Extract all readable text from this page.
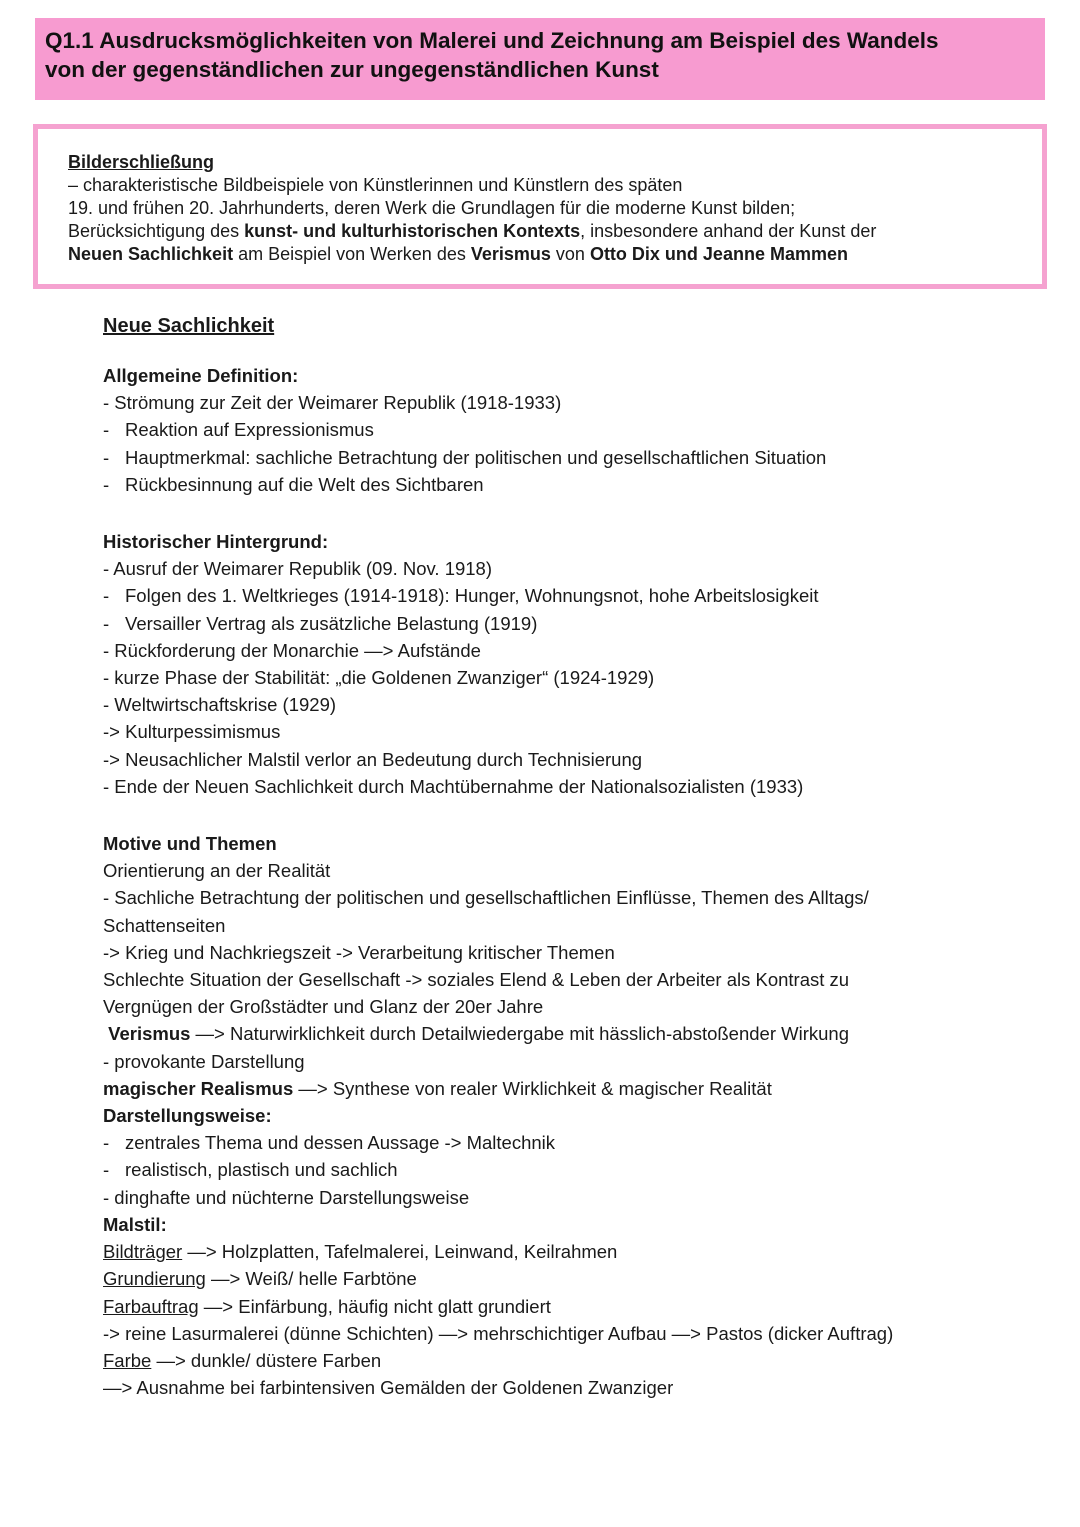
Q1.1 Ausdrucksmöglichkeiten von Malerei und Zeichnung am Beispiel des Wandels
von der gegenständlichen zur ungegenständlichen Kunst

Bilderschließung

– charakteristische Bildbeispiele von Künstlerinnen und Künstlern des späten

19. und frühen 20. Jahrhunderts, deren Werk die Grundlagen für die moderne Kunst bilden;

Berücksichtigung des kunst- und kulturhistorischen Kontexts, insbesondere anhand der Kunst der

Neuen Sachlichkeit am Beispiel von Werken des Verismus von Otto Dix und Jeanne Mammen

Neue Sachlichkeit

Allgemeine Definition:

- Strömung zur Zeit der Weimarer Republik (1918-1933)

- Reaktion auf Expressionismus

- Hauptmerkmal: sachliche Betrachtung der politischen und gesellschaftlichen Situation

- Rückbesinnung auf die Welt des Sichtbaren

Historischer Hintergrund:

- Ausruf der Weimarer Republik (09. Nov. 1918)

- Folgen des 1. Weltkrieges (1914-1918): Hunger, Wohnungsnot, hohe Arbeitslosigkeit

- Versailler Vertrag als zusätzliche Belastung (1919)

- Rückforderung der Monarchie —> Aufstände

- kurze Phase der Stabilität: „die Goldenen Zwanziger“ (1924-1929)

- Weltwirtschaftskrise (1929)

-> Kulturpessimismus

-> Neusachlicher Malstil verlor an Bedeutung durch Technisierung

- Ende der Neuen Sachlichkeit durch Machtübernahme der Nationalsozialisten (1933)

Motive und Themen

Orientierung an der Realität

- Sachliche Betrachtung der politischen und gesellschaftlichen Einflüsse, Themen des Alltags/

Schattenseiten

-> Krieg und Nachkriegszeit -> Verarbeitung kritischer Themen

Schlechte Situation der Gesellschaft -> soziales Elend & Leben der Arbeiter als Kontrast zu

Vergnügen der Großstädter und Glanz der 20er Jahre

Verismus —> Naturwirklichkeit durch Detailwiedergabe mit hässlich-abstoßender Wirkung

- provokante Darstellung

magischer Realismus —> Synthese von realer Wirklichkeit & magischer Realität

Darstellungsweise:

- zentrales Thema und dessen Aussage -> Maltechnik

- realistisch, plastisch und sachlich

- dinghafte und nüchterne Darstellungsweise

Malstil:

Bildträger —> Holzplatten, Tafelmalerei, Leinwand, Keilrahmen

Grundierung —> Weiß/ helle Farbtöne

Farbauftrag —> Einfärbung, häufig nicht glatt grundiert

-> reine Lasurmalerei (dünne Schichten) —> mehrschichtiger Aufbau —> Pastos (dicker Auftrag)

Farbe —> dunkle/ düstere Farben

—> Ausnahme bei farbintensiven Gemälden der Goldenen Zwanziger
